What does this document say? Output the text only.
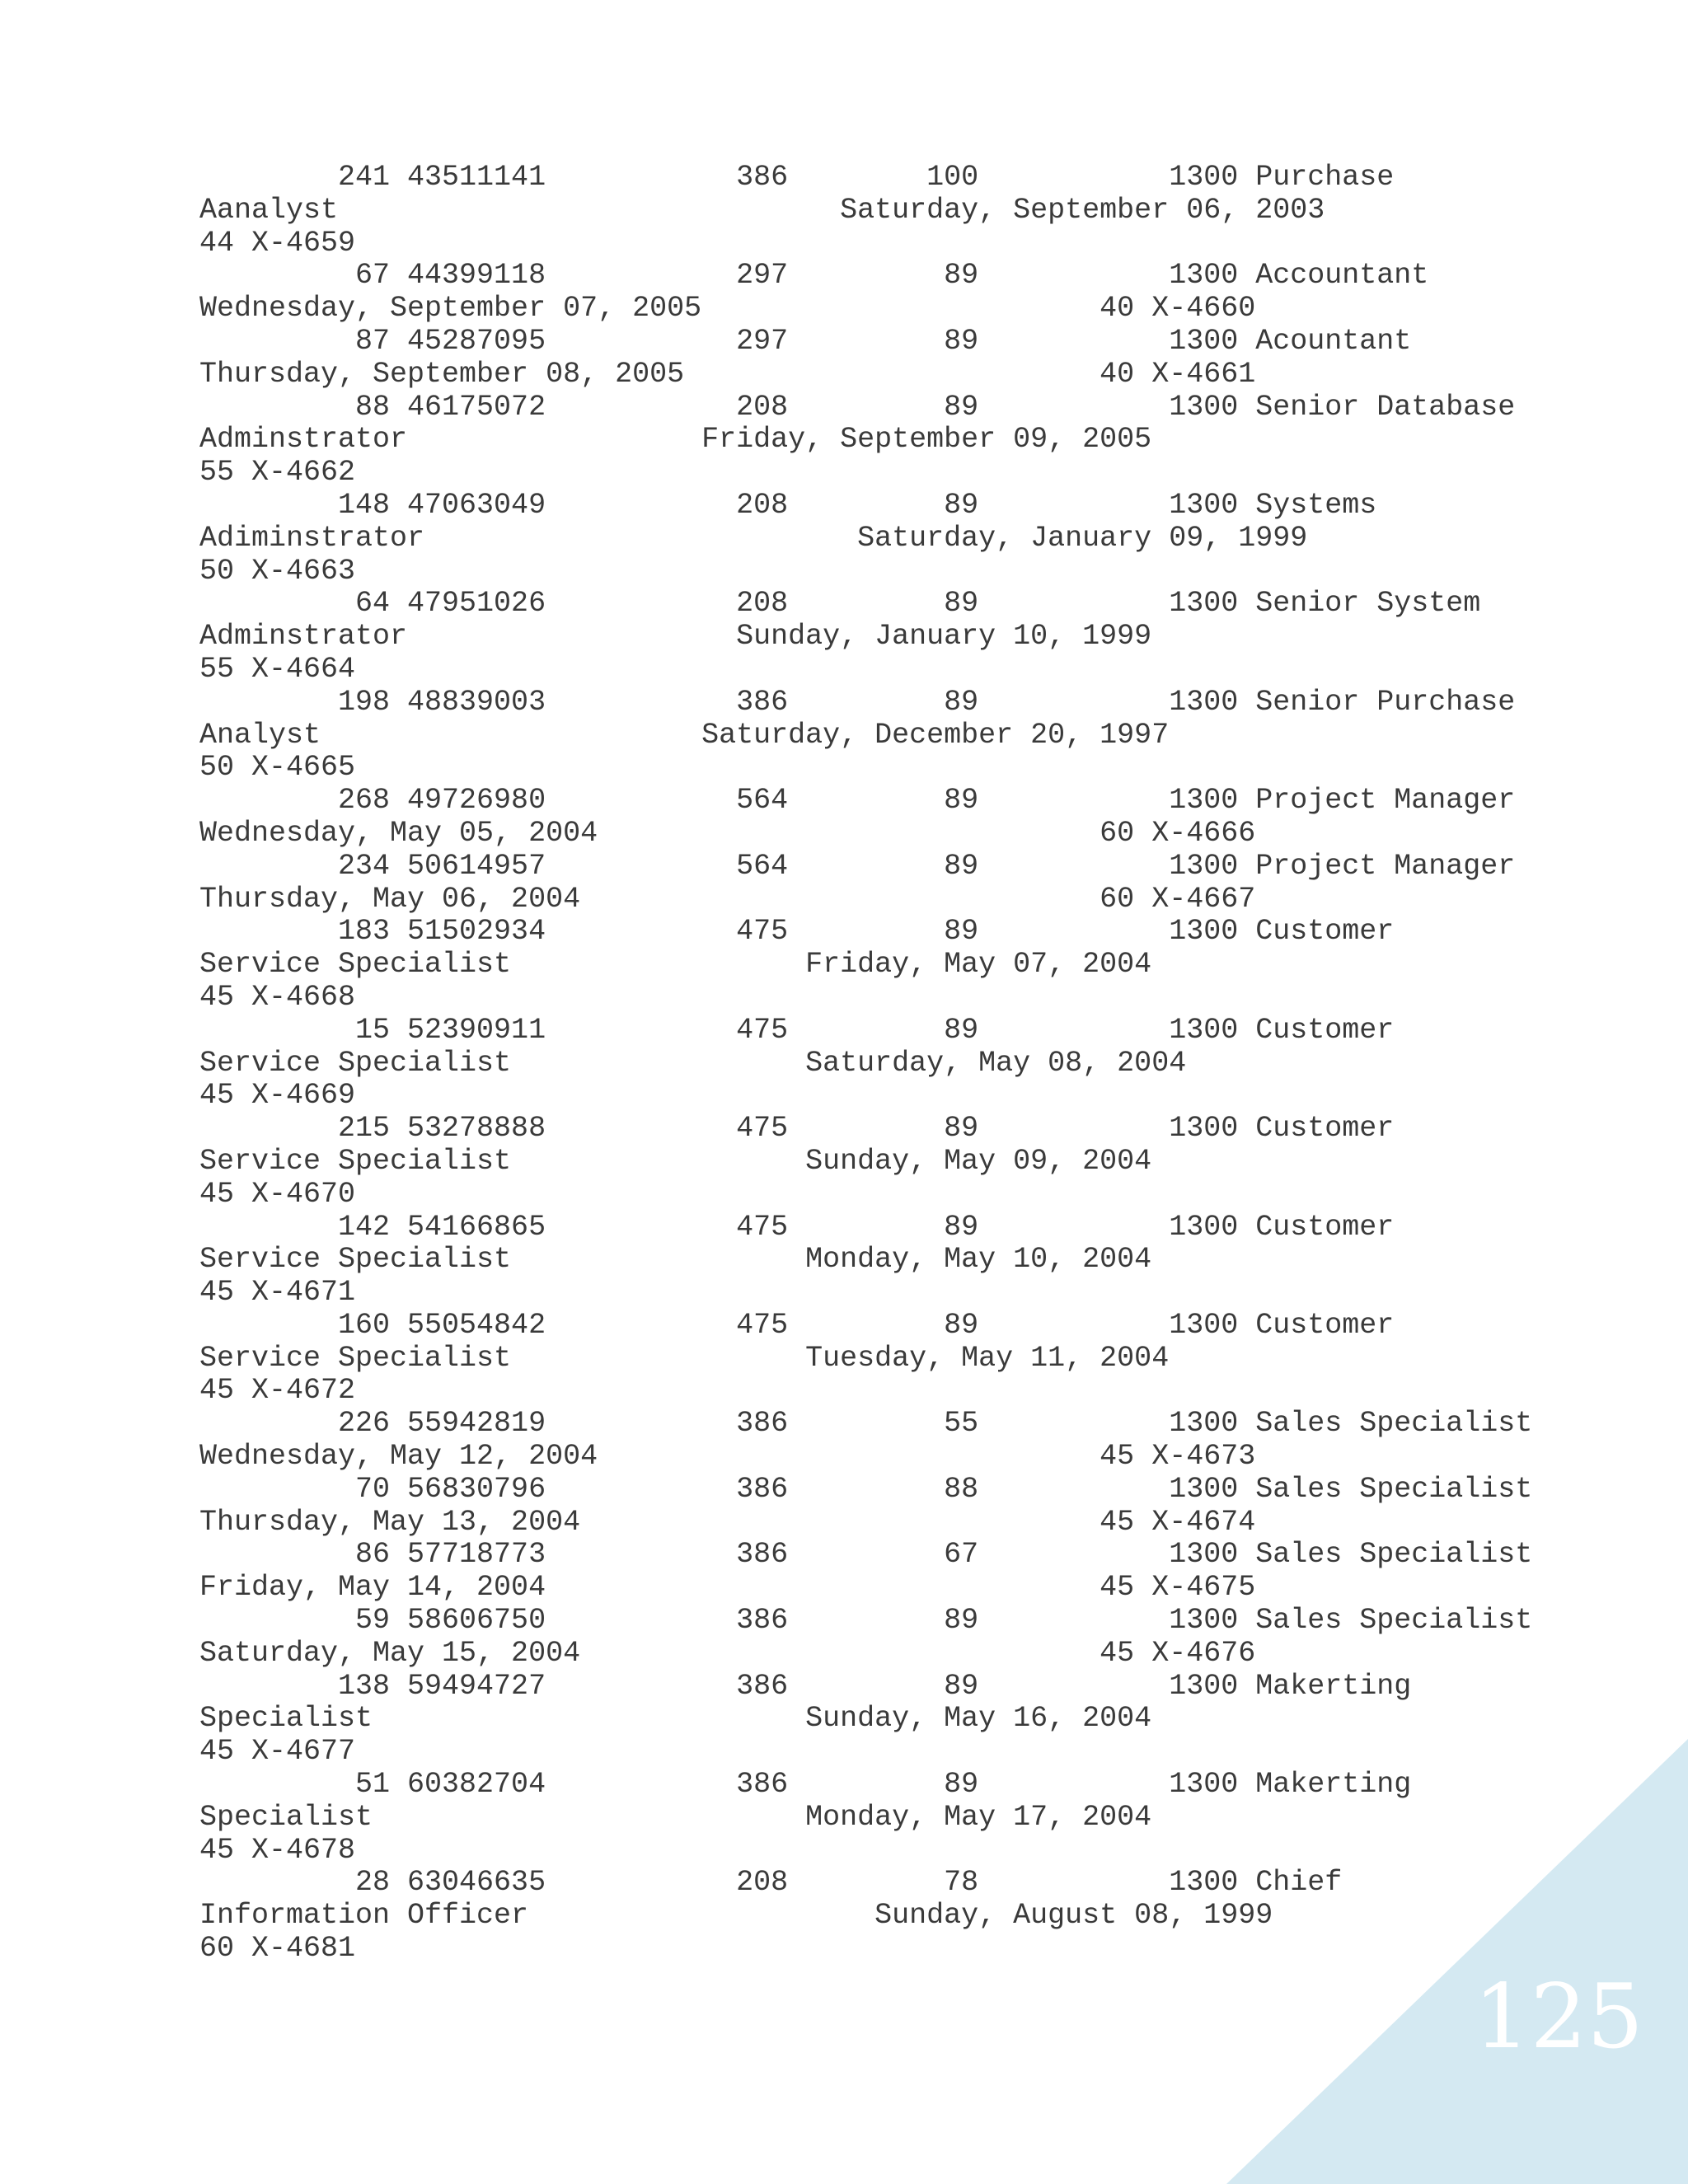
125
241 43511141           386        100           1300 Purchase
Aanalyst                             Saturday, September 06, 2003
44 X-4659
67 44399118           297         89           1300 Accountant
Wednesday, September 07, 2005                       40 X-4660
87 45287095           297         89           1300 Acountant
Thursday, September 08, 2005                        40 X-4661
88 46175072           208         89           1300 Senior Database
Adminstrator                 Friday, September 09, 2005
55 X-4662
148 47063049           208         89           1300 Systems
Adiminstrator                         Saturday, January 09, 1999
50 X-4663
64 47951026           208         89           1300 Senior System
Adminstrator                   Sunday, January 10, 1999
55 X-4664
198 48839003           386         89           1300 Senior Purchase
Analyst                      Saturday, December 20, 1997
50 X-4665
268 49726980           564         89           1300 Project Manager
Wednesday, May 05, 2004                             60 X-4666
234 50614957           564         89           1300 Project Manager
Thursday, May 06, 2004                              60 X-4667
183 51502934           475         89           1300 Customer
Service Specialist                 Friday, May 07, 2004
45 X-4668
15 52390911           475         89           1300 Customer
Service Specialist                 Saturday, May 08, 2004
45 X-4669
215 53278888           475         89           1300 Customer
Service Specialist                 Sunday, May 09, 2004
45 X-4670
142 54166865           475         89           1300 Customer
Service Specialist                 Monday, May 10, 2004
45 X-4671
160 55054842           475         89           1300 Customer
Service Specialist                 Tuesday, May 11, 2004
45 X-4672
226 55942819           386         55           1300 Sales Specialist
Wednesday, May 12, 2004                             45 X-4673
70 56830796           386         88           1300 Sales Specialist
Thursday, May 13, 2004                              45 X-4674
86 57718773           386         67           1300 Sales Specialist
Friday, May 14, 2004                                45 X-4675
59 58606750           386         89           1300 Sales Specialist
Saturday, May 15, 2004                              45 X-4676
138 59494727           386         89           1300 Makerting
Specialist                         Sunday, May 16, 2004
45 X-4677
51 60382704           386         89           1300 Makerting
Specialist                         Monday, May 17, 2004
45 X-4678
28 63046635           208         78           1300 Chief
Information Officer                    Sunday, August 08, 1999
60 X-4681
